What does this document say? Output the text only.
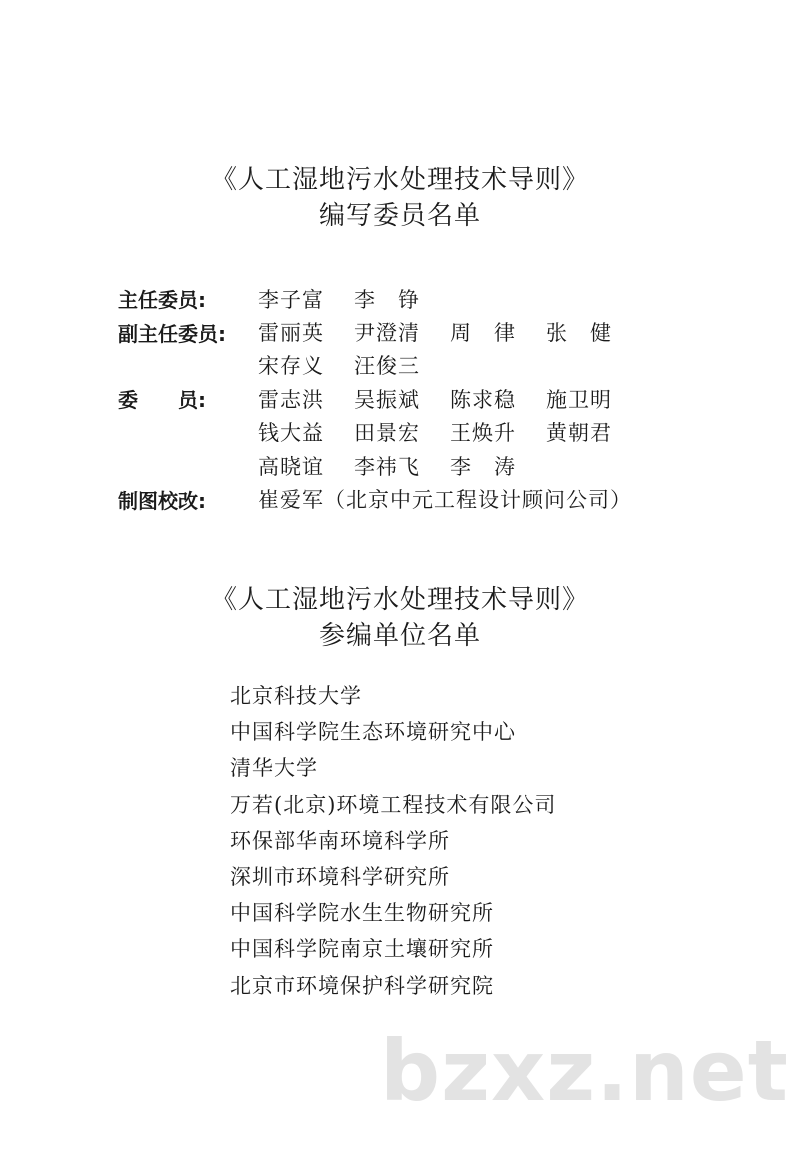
《人工湿地污水处理技术导则》
编写委员名单
主任委员:	李子富	李　铮
副主任委员:	雷丽英	尹澄清	周　律	张　健
宋存义	汪俊三
委　　员:	雷志洪	吴振斌	陈求稳	施卫明
钱大益	田景宏	王焕升	黄朝君
高晓谊	李祎飞	李　涛
制图校改:	崔爱军（北京中元工程设计顾问公司）
《人工湿地污水处理技术导则》
参编单位名单
北京科技大学
中国科学院生态环境研究中心
清华大学
万若(北京)环境工程技术有限公司
环保部华南环境科学所
深圳市环境科学研究所
中国科学院水生生物研究所
中国科学院南京土壤研究所
北京市环境保护科学研究院
bzxz.net
